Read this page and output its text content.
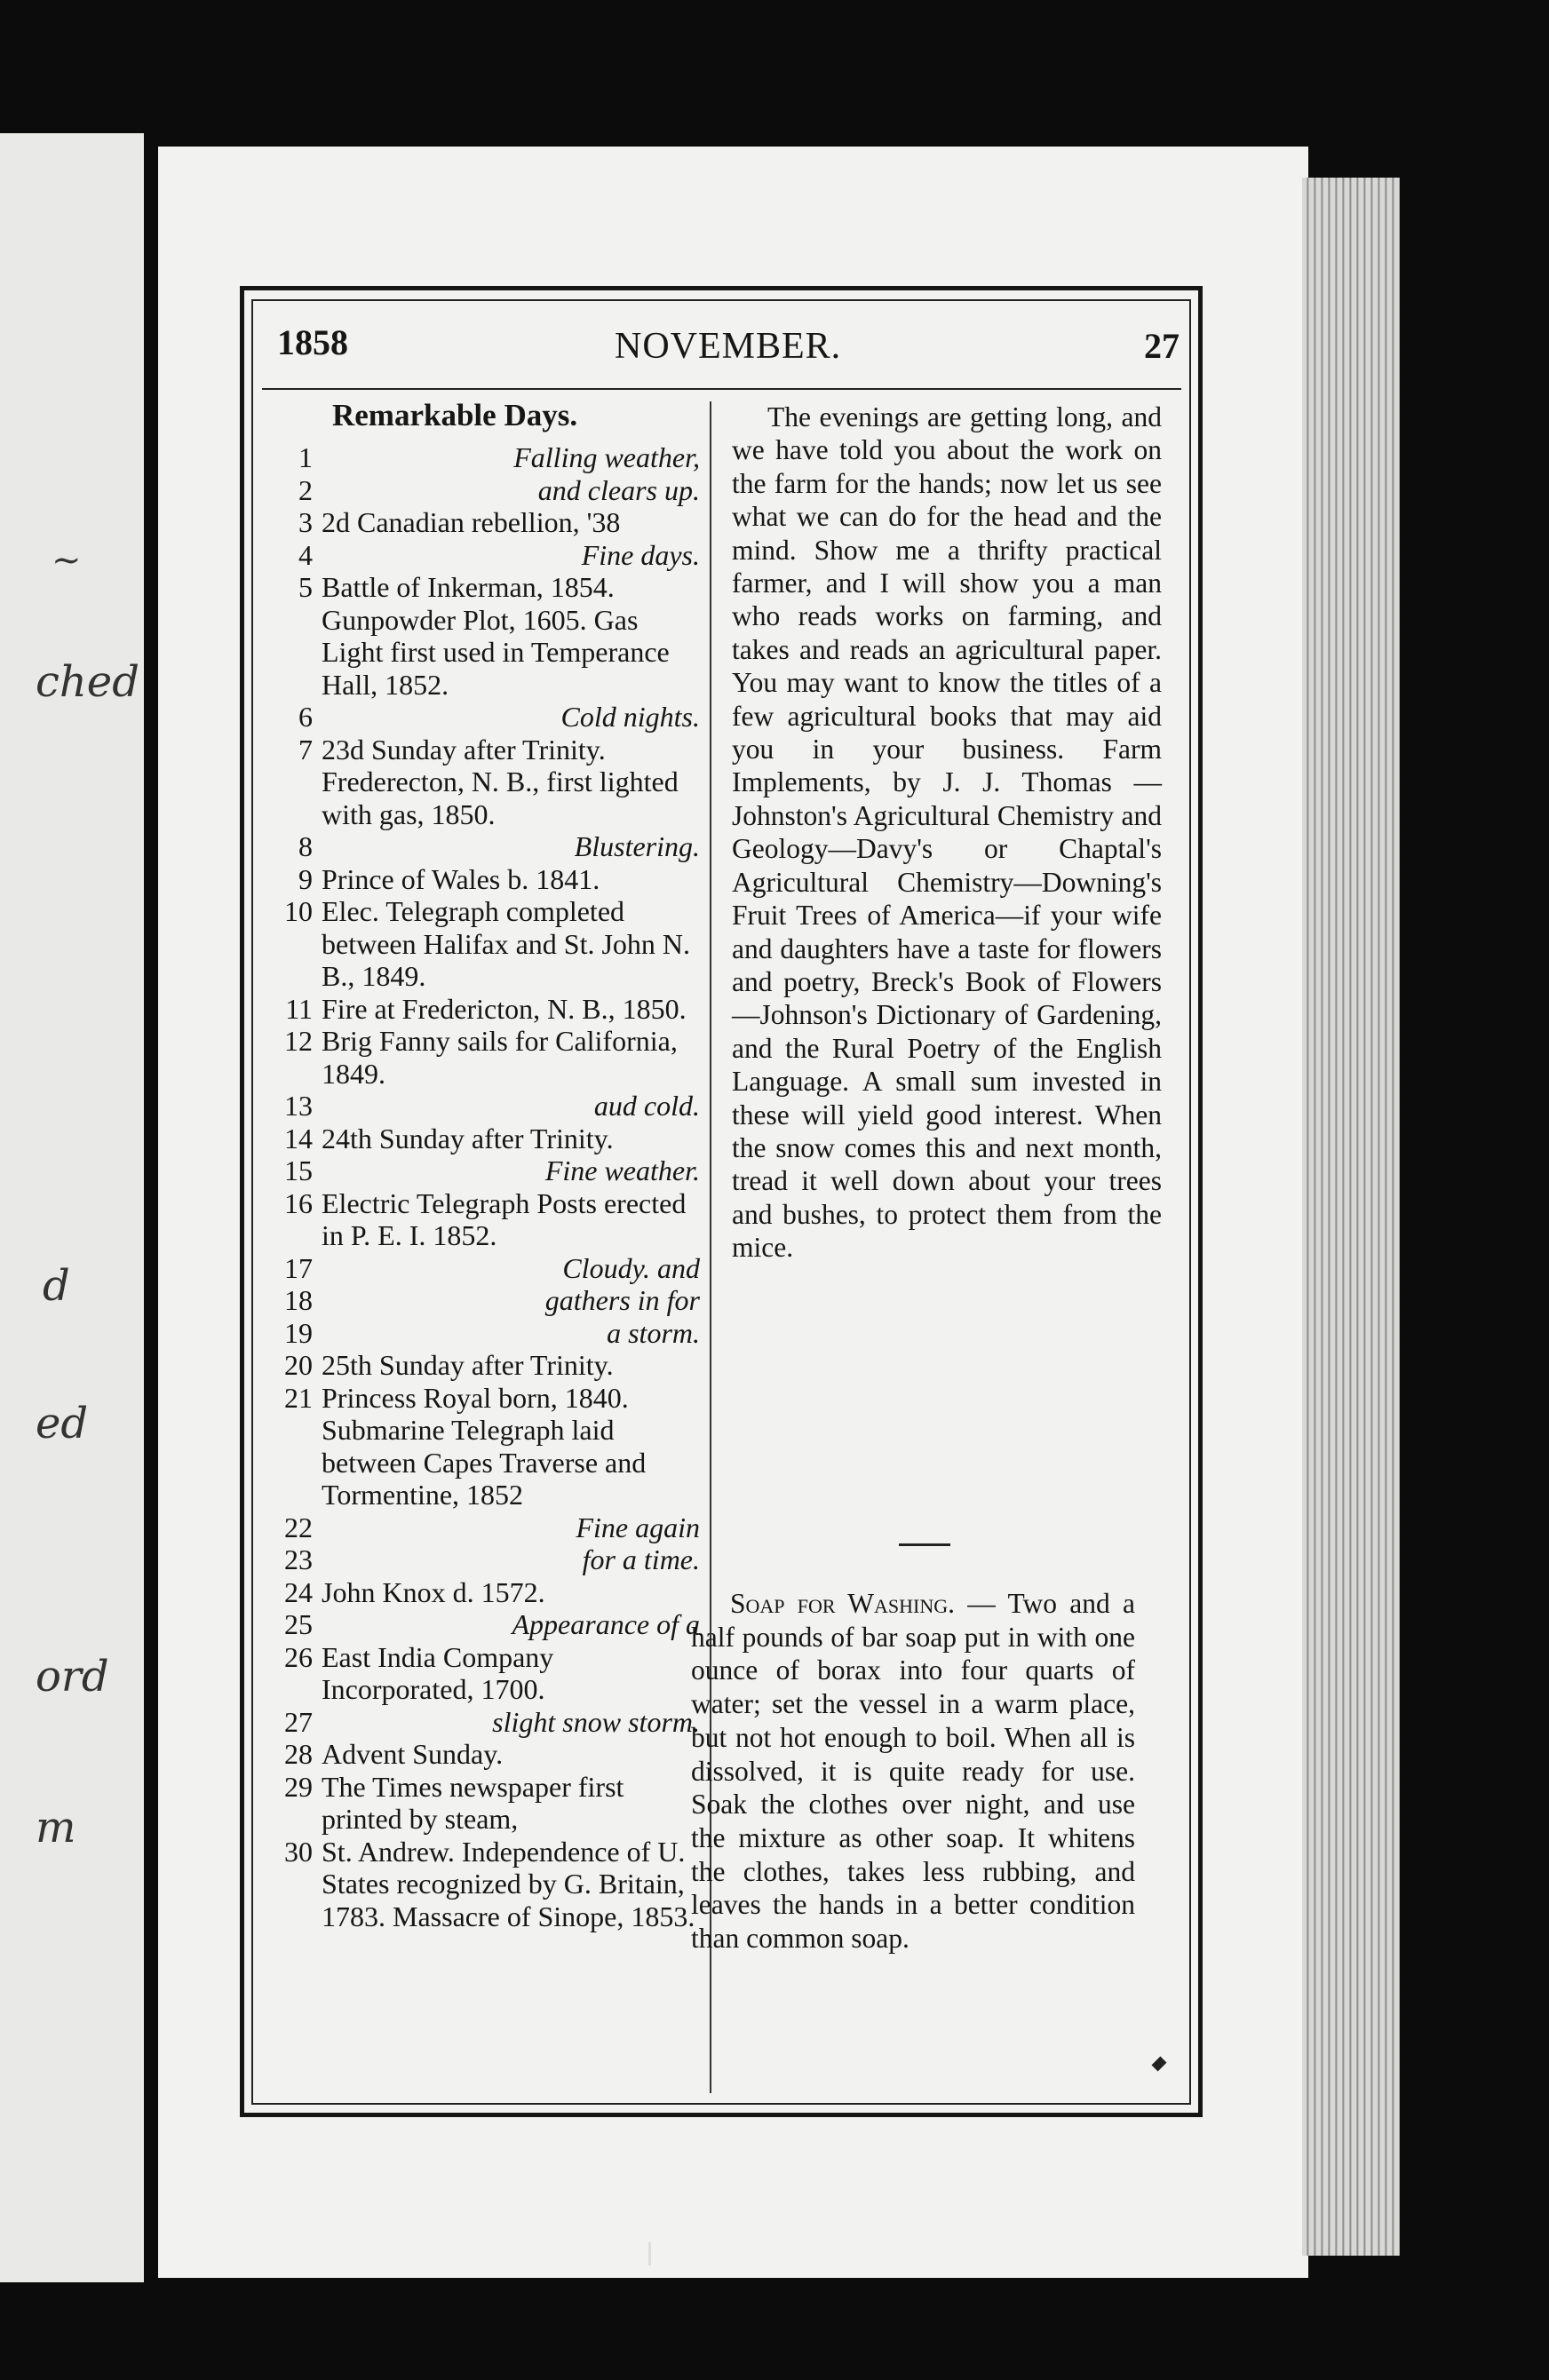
~
ched
d
ed
ord
m
1858	NOVEMBER.	27
Remarkable Days.
1	Falling weather,
2	and clears up.
3 2d Canadian rebellion, '38
4	Fine days.
5 Battle of Inkerman, 1854. Gunpowder Plot, 1605. Gas Light first used in Temperance Hall, 1852.
6	Cold nights.
7 23d Sunday after Trinity. Frederecton, N. B., first lighted with gas, 1850.
8	Blustering.
9 Prince of Wales b. 1841.
10 Elec. Telegraph completed between Halifax and St. John N. B., 1849.
11 Fire at Fredericton, N. B., 1850.
12 Brig Fanny sails for California, 1849.
13	aud cold.
14 24th Sunday after Trinity.
15	Fine weather.
16 Electric Telegraph Posts erected in P. E. I. 1852.
17	Cloudy. and
18	gathers in for
19	a storm.
20 25th Sunday after Trinity.
21 Princess Royal born, 1840. Submarine Telegraph laid between Capes Traverse and Tormentine, 1852
22	Fine again
23	for a time.
24 John Knox d. 1572.
25	Appearance of a
26 East India Company Incorporated, 1700.
27	slight snow storm.
28 Advent Sunday.
29 The Times newspaper first printed by steam,
30 St. Andrew. Independence of U. States recognized by G. Britain, 1783. Massacre of Sinope, 1853.

The evenings are getting long, and we have told you about the work on the farm for the hands; now let us see what we can do for the head and the mind. Show me a thrifty practical farmer, and I will show you a man who reads works on farming, and takes and reads an agricultural paper. You may want to know the titles of a few agricultural books that may aid you in your business. Farm Implements, by J. J. Thomas — Johnston's Agricultural Chemistry and Geology—Davy's or Chaptal's Agricultural Chemistry—Downing's Fruit Trees of America—if your wife and daughters have a taste for flowers and poetry, Breck's Book of Flowers—Johnson's Dictionary of Gardening, and the Rural Poetry of the English Language. A small sum invested in these will yield good interest. When the snow comes this and next month, tread it well down about your trees and bushes, to protect them from the mice.

Soap for Washing. — Two and a half pounds of bar soap put in with one ounce of borax into four quarts of water; set the vessel in a warm place, but not hot enough to boil. When all is dissolved, it is quite ready for use. Soak the clothes over night, and use the mixture as other soap. It whitens the clothes, takes less rubbing, and leaves the hands in a better condition than common soap.
